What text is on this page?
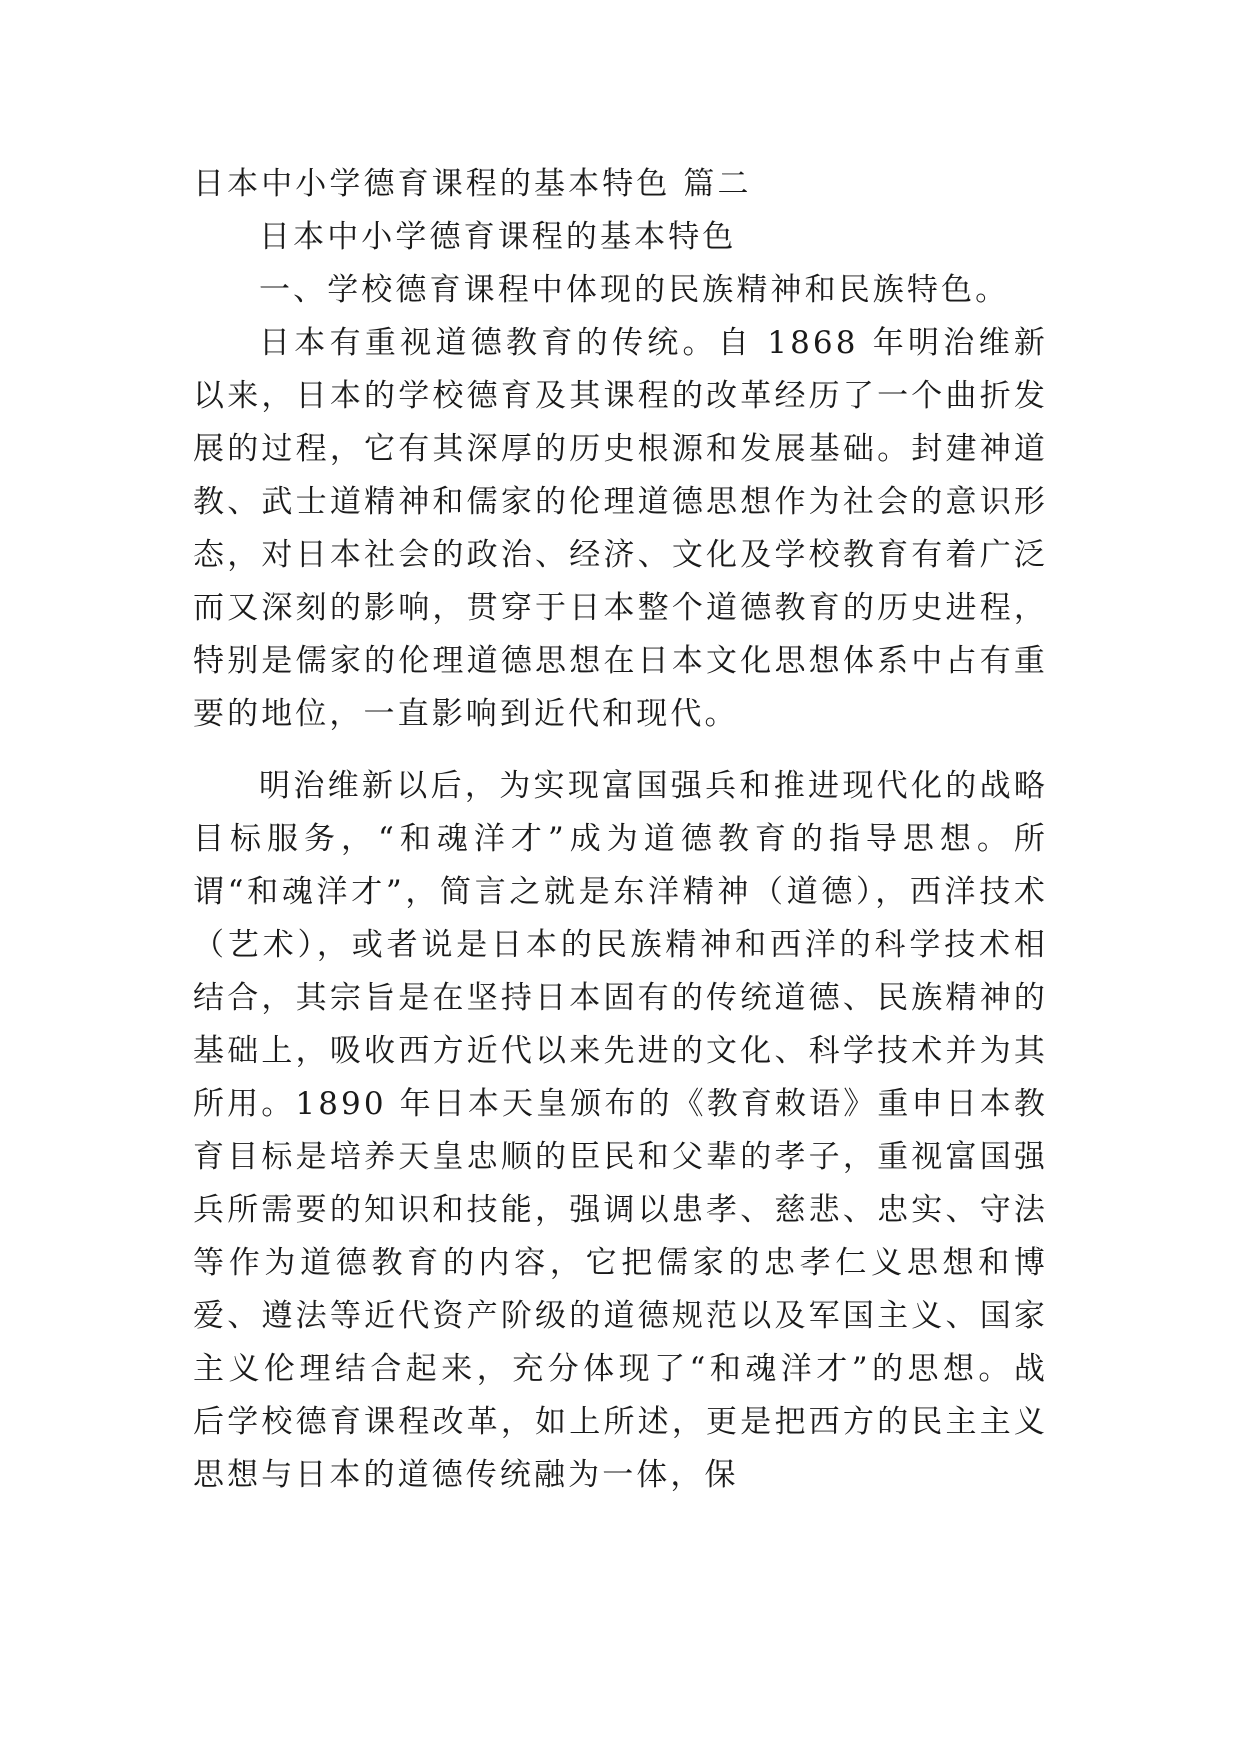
日本中小学德育课程的基本特色 篇二
日本中小学德育课程的基本特色
一、学校德育课程中体现的民族精神和民族特色。

日本有重视道德教育的传统。自 1868 年明治维新以来，日本的学校德育及其课程的改革经历了一个曲折发展的过程，它有其深厚的历史根源和发展基础。封建神道教、武士道精神和儒家的伦理道德思想作为社会的意识形态，对日本社会的政治、经济、文化及学校教育有着广泛而又深刻的影响，贯穿于日本整个道德教育的历史进程，特别是儒家的伦理道德思想在日本文化思想体系中占有重要的地位，一直影响到近代和现代。

明治维新以后，为实现富国强兵和推进现代化的战略目标服务，“和魂洋才”成为道德教育的指导思想。所谓“和魂洋才”，简言之就是东洋精神（道德），西洋技术（艺术），或者说是日本的民族精神和西洋的科学技术相结合，其宗旨是在坚持日本固有的传统道德、民族精神的基础上，吸收西方近代以来先进的文化、科学技术并为其所用。1890 年日本天皇颁布的《教育敕语》重申日本教育目标是培养天皇忠顺的臣民和父辈的孝子，重视富国强兵所需要的知识和技能，强调以患孝、慈悲、忠实、守法等作为道德教育的内容，它把儒家的忠孝仁义思想和博爱、遵法等近代资产阶级的道德规范以及军国主义、国家主义伦理结合起来，充分体现了“和魂洋才”的思想。战后学校德育课程改革，如上所述，更是把西方的民主主义思想与日本的道德传统融为一体，保
